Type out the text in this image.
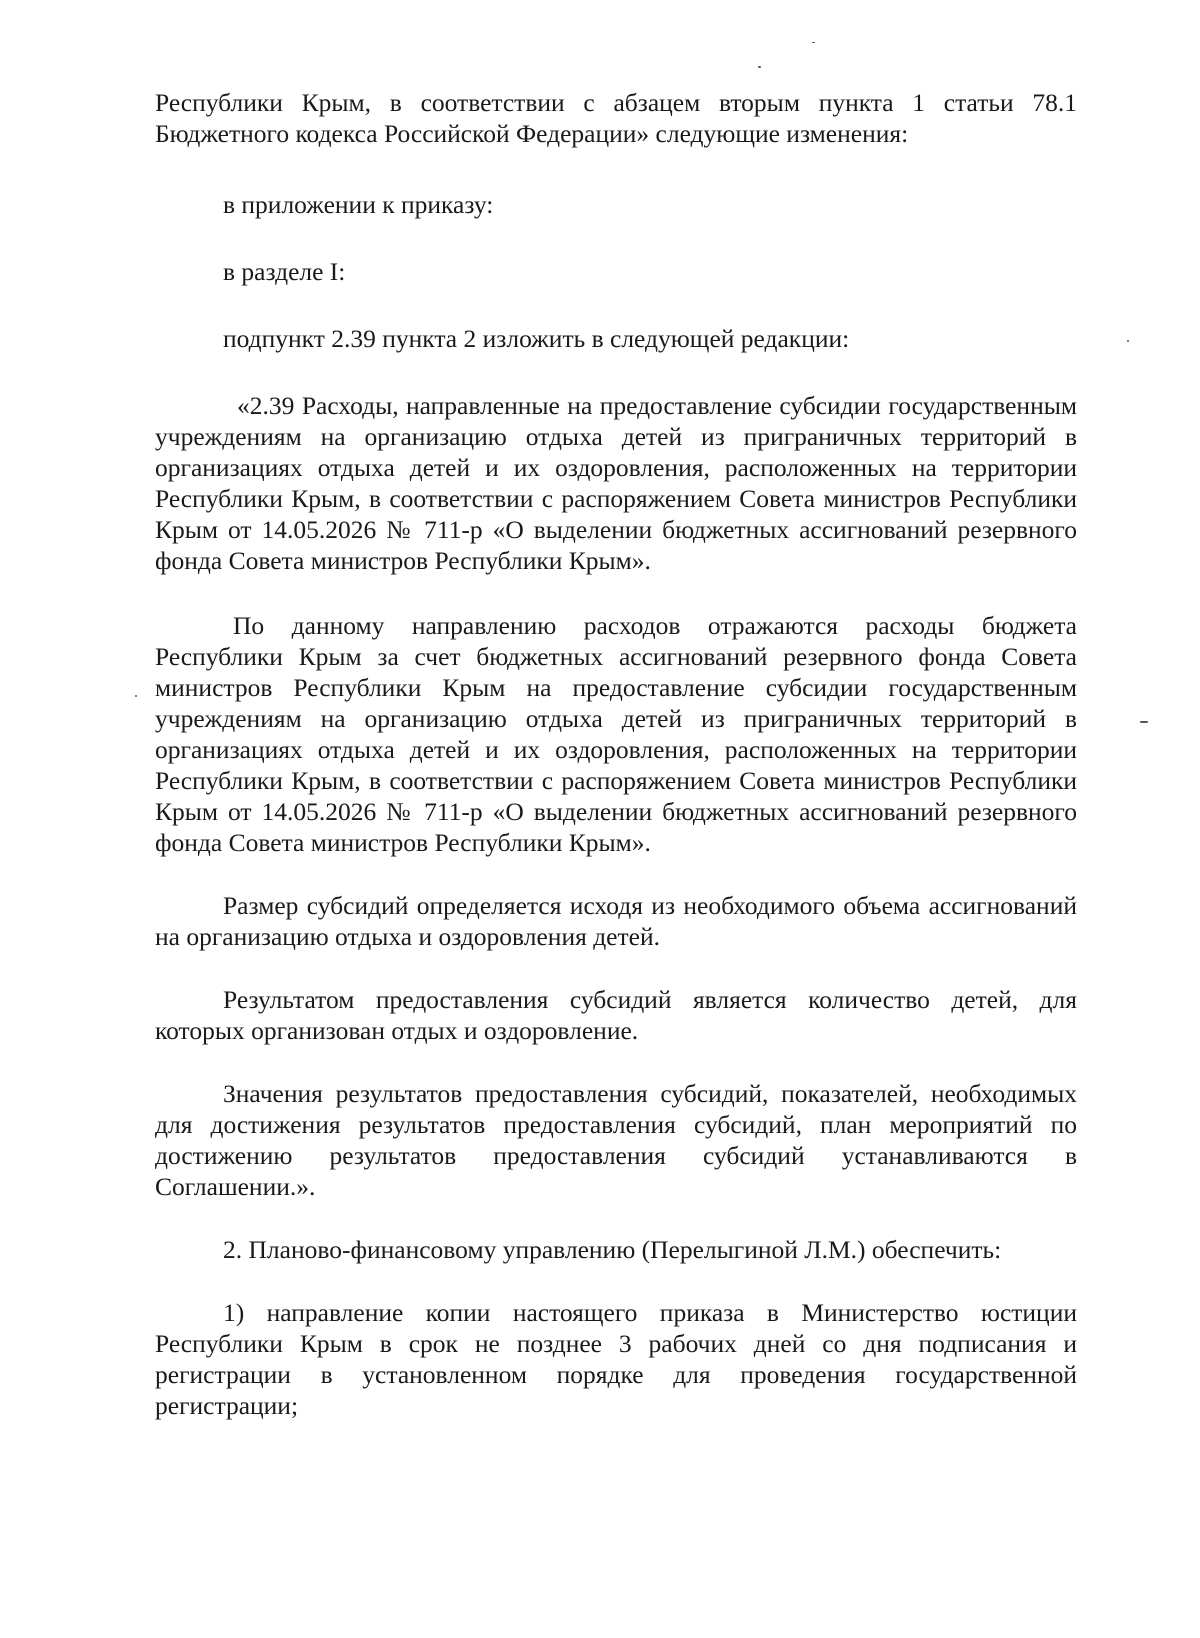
Республики Крым, в соответствии с абзацем вторым пункта 1 статьи 78.1 Бюджетного кодекса Российской Федерации» следующие изменения:

в приложении к приказу:

в разделе I:

подпункт 2.39 пункта 2 изложить в следующей редакции:

«2.39 Расходы, направленные на предоставление субсидии государственным учреждениям на организацию отдыха детей из приграничных территорий в организациях отдыха детей и их оздоровления, расположенных на территории Республики Крым, в соответствии с распоряжением Совета министров Республики Крым от 14.05.2026 № 711-р «О выделении бюджетных ассигнований резервного фонда Совета министров Республики Крым».

По данному направлению расходов отражаются расходы бюджета Республики Крым за счет бюджетных ассигнований резервного фонда Совета министров Республики Крым на предоставление субсидии государственным учреждениям на организацию отдыха детей из приграничных территорий в организациях отдыха детей и их оздоровления, расположенных на территории Республики Крым, в соответствии с распоряжением Совета министров Республики Крым от 14.05.2026 № 711-р «О выделении бюджетных ассигнований резервного фонда Совета министров Республики Крым».

Размер субсидий определяется исходя из необходимого объема ассигнований на организацию отдыха и оздоровления детей.

Результатом предоставления субсидий является количество детей, для которых организован отдых и оздоровление.

Значения результатов предоставления субсидий, показателей, необходимых для достижения результатов предоставления субсидий, план мероприятий по достижению результатов предоставления субсидий устанавливаются в Соглашении.».

2. Планово-финансовому управлению (Перелыгиной Л.М.) обеспечить:

1) направление копии настоящего приказа в Министерство юстиции Республики Крым в срок не позднее 3 рабочих дней со дня подписания и регистрации в установленном порядке для проведения государственной регистрации;
